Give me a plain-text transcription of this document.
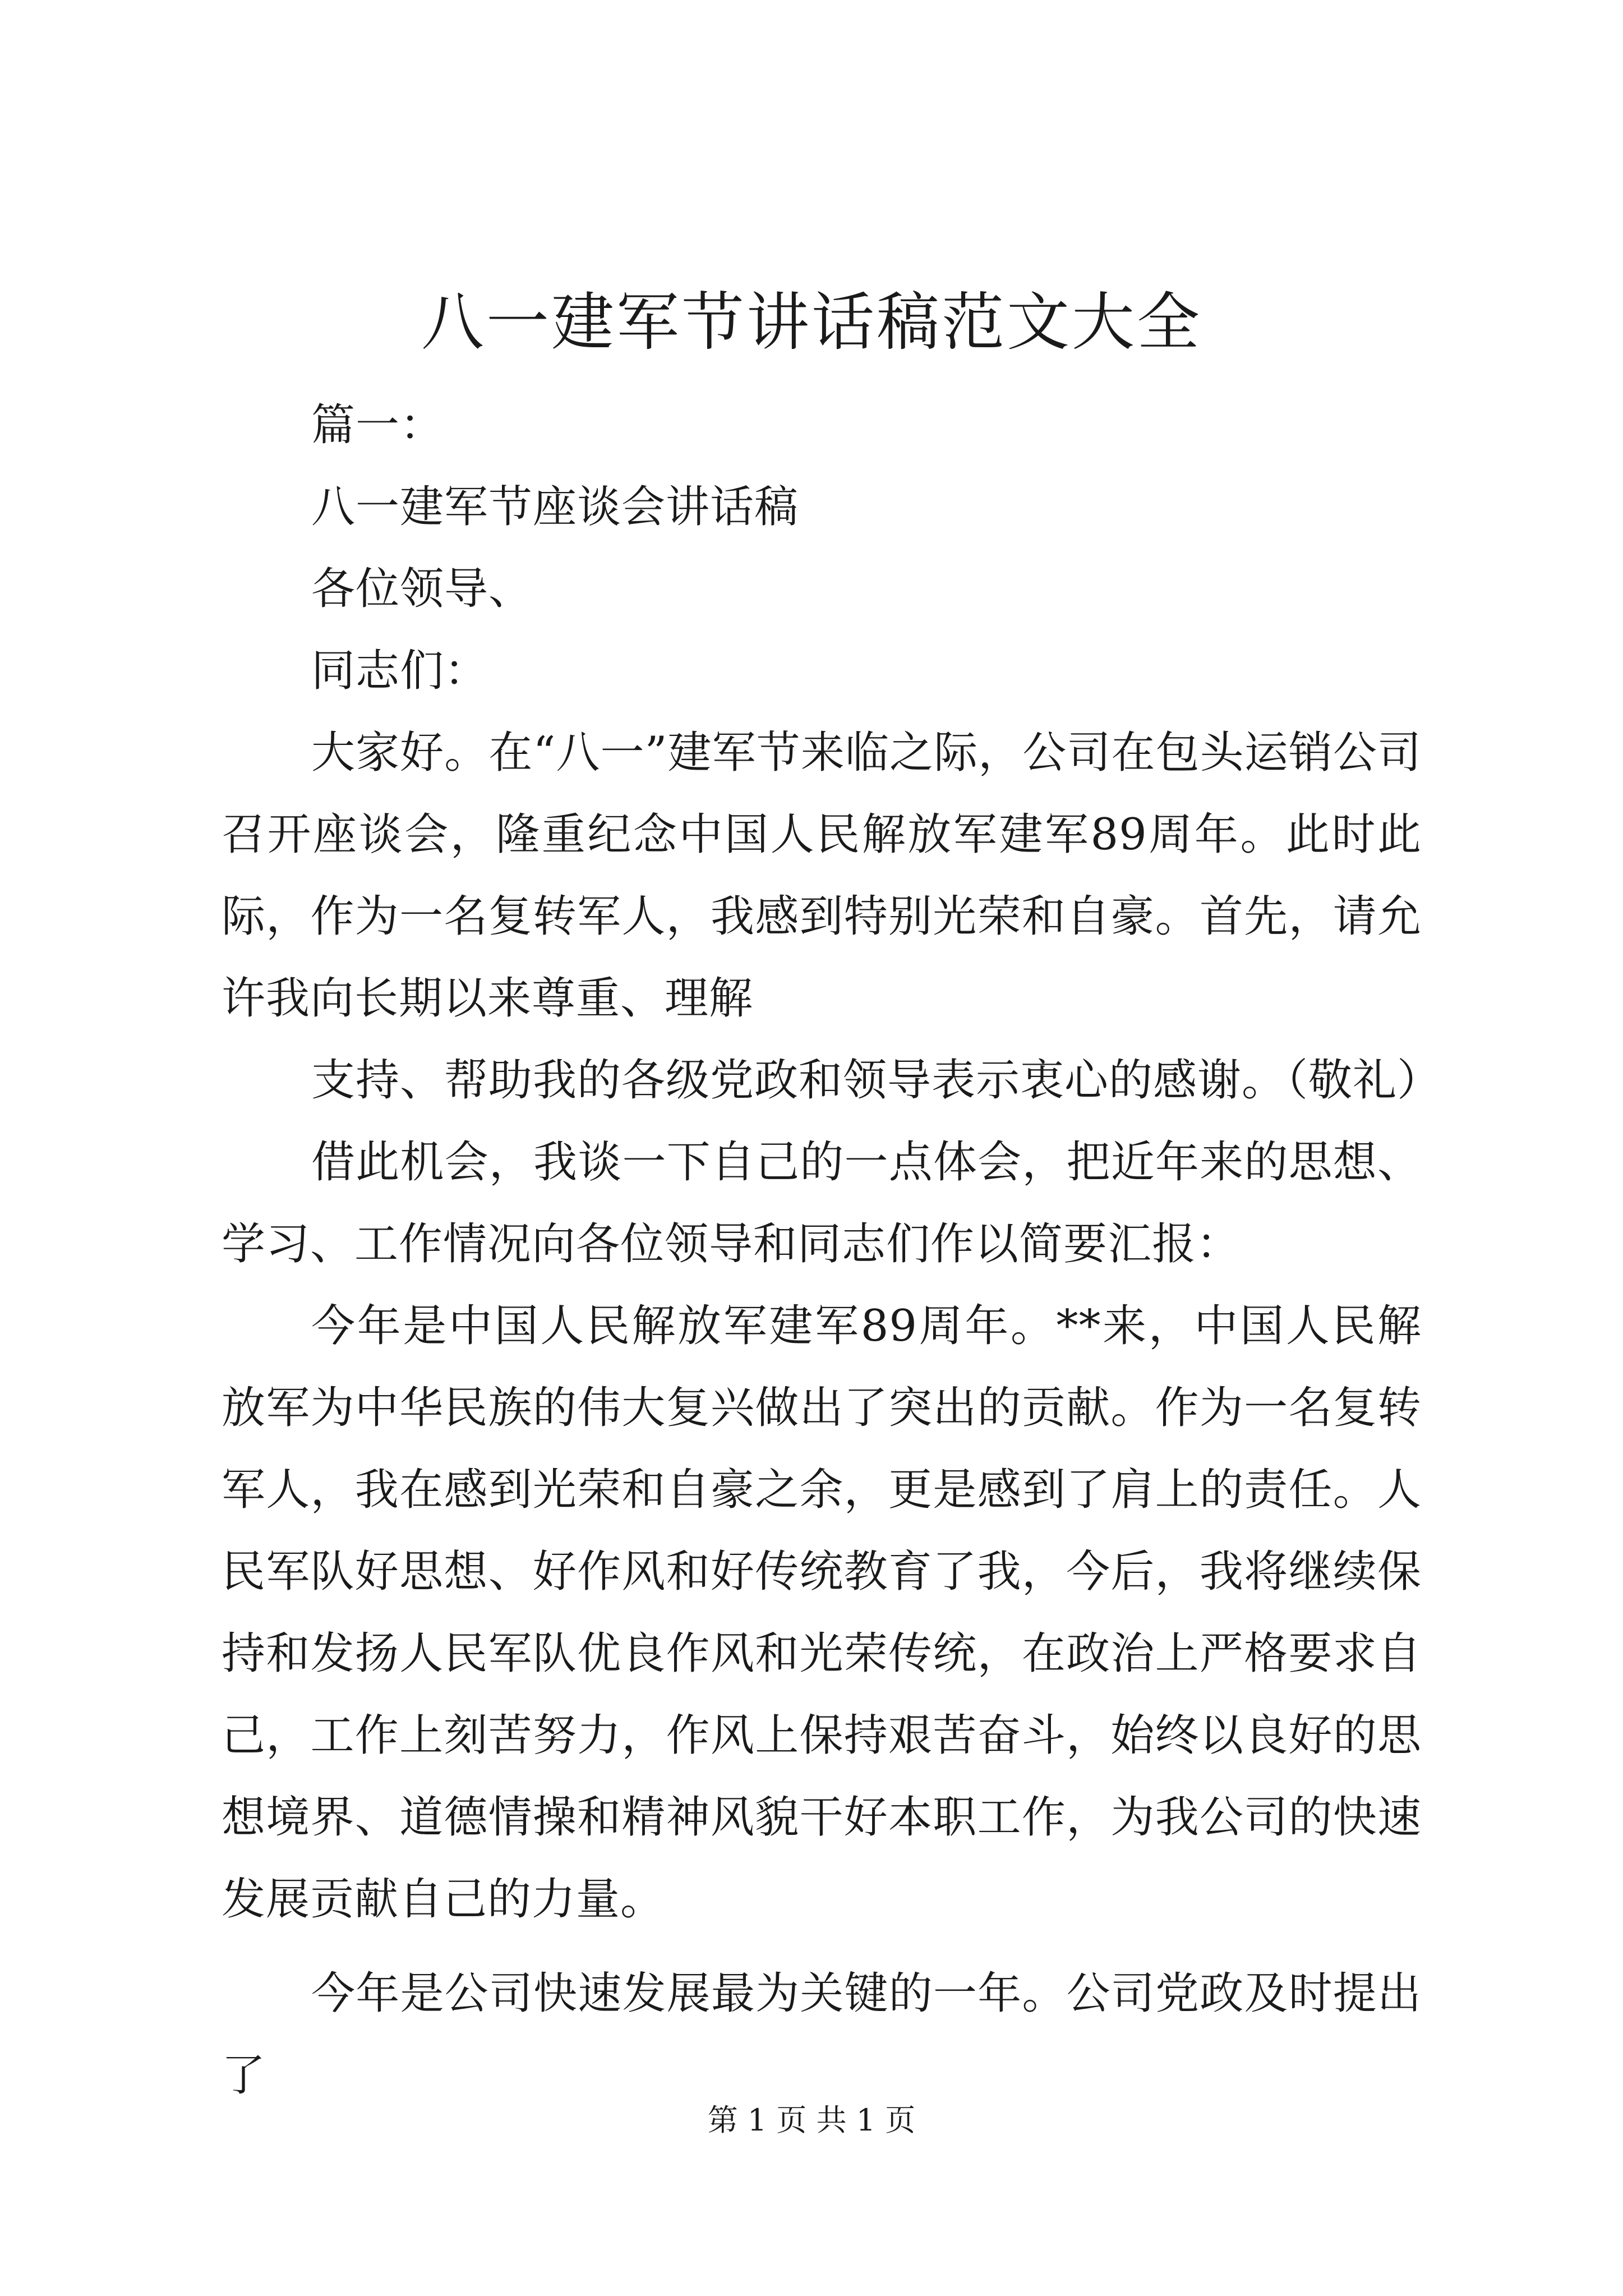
八一建军节讲话稿范文大全

篇一：

八一建军节座谈会讲话稿

各位领导、

同志们：

大家好。在“八一”建军节来临之际，公司在包头运销公司召开座谈会，隆重纪念中国人民解放军建军89周年。此时此际，作为一名复转军人，我感到特别光荣和自豪。首先，请允许我向长期以来尊重、理解

支持、帮助我的各级党政和领导表示衷心的感谢。（敬礼）

借此机会，我谈一下自己的一点体会，把近年来的思想、学习、工作情况向各位领导和同志们作以简要汇报：

今年是中国人民解放军建军89周年。**来，中国人民解放军为中华民族的伟大复兴做出了突出的贡献。作为一名复转军人，我在感到光荣和自豪之余，更是感到了肩上的责任。人民军队好思想、好作风和好传统教育了我，今后，我将继续保持和发扬人民军队优良作风和光荣传统，在政治上严格要求自己，工作上刻苦努力，作风上保持艰苦奋斗，始终以良好的思想境界、道德情操和精神风貌干好本职工作，为我公司的快速发展贡献自己的力量。

今年是公司快速发展最为关键的一年。公司党政及时提出了

第 1 页 共 1 页
